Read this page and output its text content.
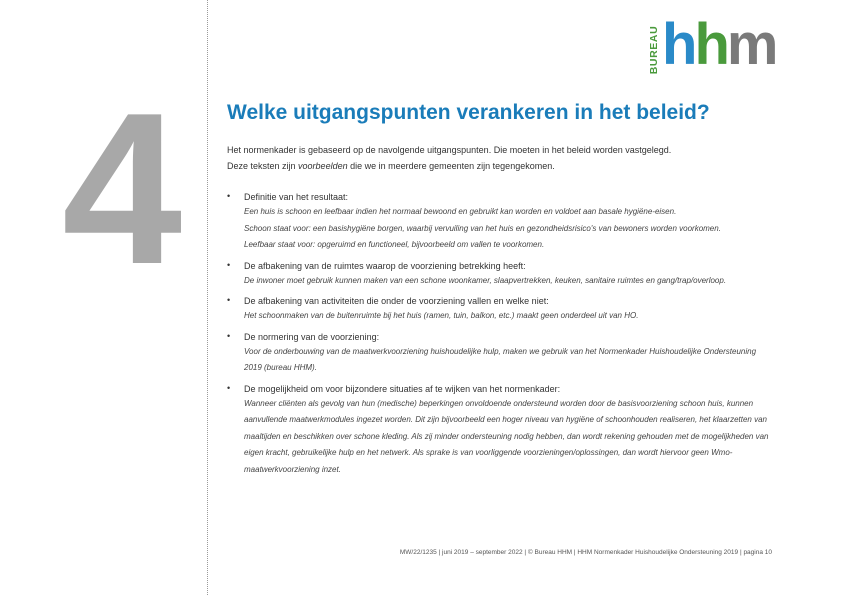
4
BUREAU hhm
Welke uitgangspunten verankeren in het beleid?
Het normenkader is gebaseerd op de navolgende uitgangspunten. Die moeten in het beleid worden vastgelegd.
Deze teksten zijn voorbeelden die we in meerdere gemeenten zijn tegengekomen.
• Definitie van het resultaat:
Een huis is schoon en leefbaar indien het normaal bewoond en gebruikt kan worden en voldoet aan basale hygiëne-eisen.
Schoon staat voor: een basishygiëne borgen, waarbij vervuiling van het huis en gezondheidsrisico's van bewoners worden voorkomen.
Leefbaar staat voor: opgeruimd en functioneel, bijvoorbeeld om vallen te voorkomen.
• De afbakening van de ruimtes waarop de voorziening betrekking heeft:
De inwoner moet gebruik kunnen maken van een schone woonkamer, slaapvertrekken, keuken, sanitaire ruimtes en gang/trap/overloop.
• De afbakening van activiteiten die onder de voorziening vallen en welke niet:
Het schoonmaken van de buitenruimte bij het huis (ramen, tuin, balkon, etc.) maakt geen onderdeel uit van HO.
• De normering van de voorziening:
Voor de onderbouwing van de maatwerkvoorziening huishoudelijke hulp, maken we gebruik van het Normenkader Huishoudelijke Ondersteuning 2019 (bureau HHM).
• De mogelijkheid om voor bijzondere situaties af te wijken van het normenkader:
Wanneer cliënten als gevolg van hun (medische) beperkingen onvoldoende ondersteund worden door de basisvoorziening schoon huis, kunnen aanvullende maatwerkmodules ingezet worden. Dit zijn bijvoorbeeld een hoger niveau van hygiëne of schoonhouden realiseren, het klaarzetten van maaltijden en beschikken over schone kleding. Als zij minder ondersteuning nodig hebben, dan wordt rekening gehouden met de mogelijkheden van eigen kracht, gebruikelijke hulp en het netwerk. Als sprake is van voorliggende voorzieningen/oplossingen, dan wordt hiervoor geen Wmo-maatwerkvoorziening inzet.
MW/22/1235 | juni 2019 – september 2022 | © Bureau HHM | HHM Normenkader Huishoudelijke Ondersteuning 2019 | pagina 10
